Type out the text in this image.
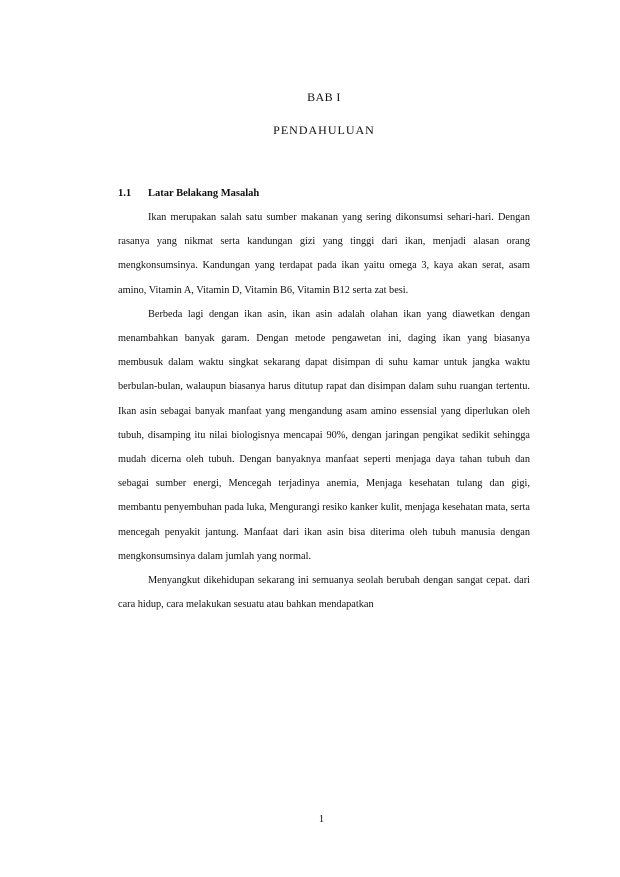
BAB I
PENDAHULUAN
1.1 Latar Belakang Masalah

Ikan merupakan salah satu sumber makanan yang sering dikonsumsi sehari-hari. Dengan rasanya yang nikmat serta kandungan gizi yang tinggi dari ikan, menjadi alasan orang mengkonsumsinya. Kandungan yang terdapat pada ikan yaitu omega 3, kaya akan serat, asam amino, Vitamin A, Vitamin D, Vitamin B6, Vitamin B12 serta zat besi.

Berbeda lagi dengan ikan asin, ikan asin adalah olahan ikan yang diawetkan dengan menambahkan banyak garam. Dengan metode pengawetan ini, daging ikan yang biasanya membusuk dalam waktu singkat sekarang dapat disimpan di suhu kamar untuk jangka waktu berbulan-bulan, walaupun biasanya harus ditutup rapat dan disimpan dalam suhu ruangan tertentu. Ikan asin sebagai banyak manfaat yang mengandung asam amino essensial yang diperlukan oleh tubuh, disamping itu nilai biologisnya mencapai 90%, dengan jaringan pengikat sedikit sehingga mudah dicerna oleh tubuh. Dengan banyaknya manfaat seperti menjaga daya tahan tubuh dan sebagai sumber energi, Mencegah terjadinya anemia, Menjaga kesehatan tulang dan gigi, membantu penyembuhan pada luka, Mengurangi resiko kanker kulit, menjaga kesehatan mata, serta mencegah penyakit jantung. Manfaat dari ikan asin bisa diterima oleh tubuh manusia dengan mengkonsumsinya dalam jumlah yang normal.

Menyangkut dikehidupan sekarang ini semuanya seolah berubah dengan sangat cepat. dari cara hidup, cara melakukan sesuatu atau bahkan mendapatkan

1
